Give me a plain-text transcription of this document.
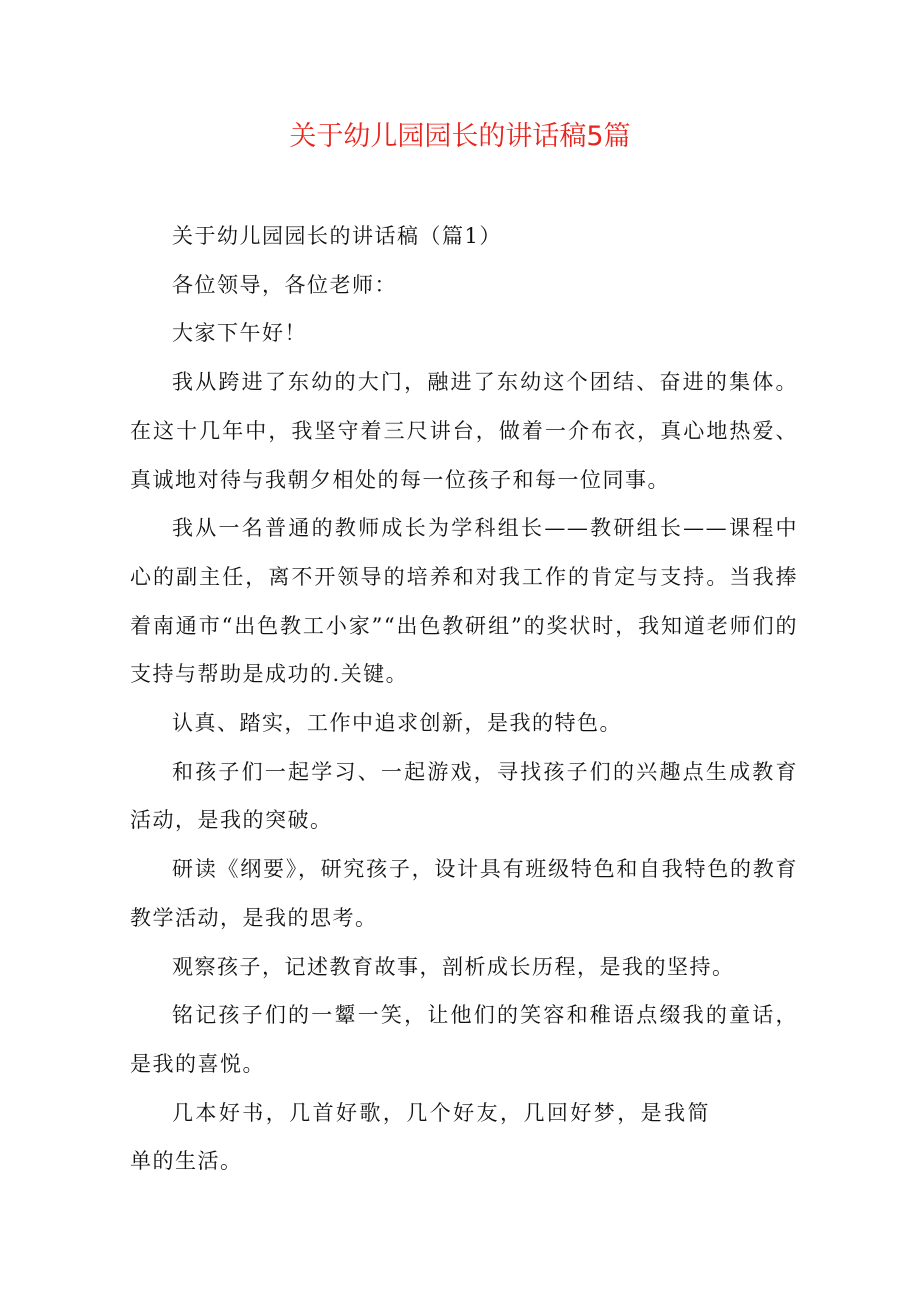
关于幼儿园园长的讲话稿5篇

关于幼儿园园长的讲话稿（篇1）

各位领导，各位老师：

大家下午好！

我从跨进了东幼的大门，融进了东幼这个团结、奋进的集体。在这十几年中，我坚守着三尺讲台，做着一介布衣，真心地热爱、真诚地对待与我朝夕相处的每一位孩子和每一位同事。

我从一名普通的教师成长为学科组长——教研组长——课程中心的副主任，离不开领导的培养和对我工作的肯定与支持。当我捧着南通市“出色教工小家”“出色教研组”的奖状时，我知道老师们的支持与帮助是成功的.关键。

认真、踏实，工作中追求创新，是我的特色。

和孩子们一起学习、一起游戏，寻找孩子们的兴趣点生成教育活动，是我的突破。

研读《纲要》，研究孩子，设计具有班级特色和自我特色的教育教学活动，是我的思考。

观察孩子，记述教育故事，剖析成长历程，是我的坚持。

铭记孩子们的一颦一笑，让他们的笑容和稚语点缀我的童话，是我的喜悦。

几本好书，几首好歌，几个好友，几回好梦，是我简单的生活。
